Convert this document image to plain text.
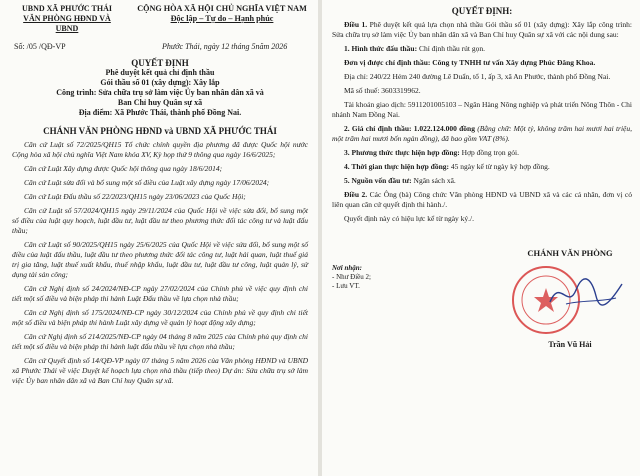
UBND XÃ PHƯỚC THÁI
VĂN PHÒNG HĐND VÀ UBND
Số: /05 /QĐ-VP
CỘNG HÒA XÃ HỘI CHỦ NGHĨA VIỆT NAM
Độc lập – Tự do – Hạnh phúc
Phước Thái, ngày 12 tháng 5năm 2026
QUYẾT ĐỊNH
Phê duyệt kết quả chỉ định thầu
Gói thầu số 01 (xây dựng): Xây lắp
Công trình: Sửa chữa trụ sở làm việc Ủy ban nhân dân xã và
Ban Chỉ huy Quân sự xã
Địa điểm: Xã Phước Thái, thành phố Đồng Nai.
CHÁNH VĂN PHÒNG HĐND và UBND XÃ PHƯỚC THÁI

Căn cứ Luật số 72/2025/QH15 Tổ chức chính quyền địa phương đã được Quốc hội nước Cộng hòa xã hội chủ nghĩa Việt Nam khóa XV, Kỳ họp thứ 9 thông qua ngày 16/6/2025;

Căn cứ Luật Xây dựng được Quốc hội thông qua ngày 18/6/2014;

Căn cứ Luật sửa đổi và bổ sung một số điều của Luật xây dựng ngày 17/06/2024;

Căn cứ Luật Đấu thầu số 22/2023/QH15 ngày 23/06/2023 của Quốc Hội;

Căn cứ Luật số 57/2024/QH15 ngày 29/11/2024 của Quốc Hội về việc sửa đổi, bổ sung một số điều của luật quy hoạch, luật đầu tư, luật đầu tư theo phương thức đối tác công tư và luật đấu thầu;

Căn cứ Luật số 90/2025/QH15 ngày 25/6/2025 của Quốc Hội về việc sửa đổi, bổ sung một số điều của luật đấu thầu, luật đầu tư theo phương thức đối tác công tư, luật hải quan, luật thuế giá trị gia tăng, luật thuế xuất khẩu, thuế nhập khẩu, luật đầu tư, luật đầu tư công, luật quản lý, sử dụng tài sản công;

Căn cứ Nghị định số 24/2024/NĐ-CP ngày 27/02/2024 của Chính phủ về việc quy định chi tiết một số điều và biện pháp thi hành Luật Đấu thầu về lựa chọn nhà thầu;

Căn cứ Nghị định số 175/2024/NĐ-CP ngày 30/12/2024 của Chính phủ về quy định chi tiết một số điều và biện pháp thi hành Luật xây dựng về quản lý hoạt động xây dựng;

Căn cứ Nghị định số 214/2025/NĐ-CP ngày 04 tháng 8 năm 2025 của Chính phủ quy định chi tiết một số điều và biện pháp thi hành luật đấu thầu về lựa chọn nhà thầu;

Căn cứ Quyết định số 14/QĐ-VP ngày 07 tháng 5 năm 2026 của Văn phòng HĐND và UBND xã Phước Thái về việc Duyệt kế hoạch lựa chọn nhà thầu (tiếp theo) Dự án: Sửa chữa trụ sở làm việc Ủy ban nhân dân xã và Ban Chỉ huy Quân sự xã.

QUYẾT ĐỊNH:

Điều 1. Phê duyệt kết quả lựa chọn nhà thầu Gói thầu số 01 (xây dựng): Xây lắp công trình: Sửa chữa trụ sở làm việc Ủy ban nhân dân xã và Ban Chỉ huy Quân sự xã với các nội dung sau:

1. Hình thức đấu thầu: Chỉ định thầu rút gọn.

Đơn vị được chỉ định thầu: Công ty TNHH tư vấn Xây dựng Phúc Đăng Khoa.

Địa chỉ: 240/22 Hẻm 240 đường Lê Duẩn, tổ 1, ấp 3, xã An Phước, thành phố Đồng Nai.

Mã số thuế: 3603319962.

Tài khoản giao dịch: 5911201005103 – Ngân Hàng Nông nghiệp và phát triển Nông Thôn - Chi nhánh Nam Đồng Nai.

2. Giá chỉ định thầu: 1.022.124.000 đồng (Bằng chữ: Một tỷ, không trăm hai mươi hai triệu, một trăm hai mươi bốn ngàn đồng), đã bao gồm VAT (8%).

3. Phương thức thực hiện hợp đồng: Hợp đồng trọn gói.

4. Thời gian thực hiện hợp đồng: 45 ngày kể từ ngày ký hợp đồng.

5. Nguồn vốn đầu tư: Ngân sách xã.

Điều 2. Các Ông (bà) Công chức Văn phòng HĐND và UBND xã và các cá nhân, đơn vị có liên quan căn cứ quyết định thi hành./.

Quyết định này có hiệu lực kể từ ngày ký./.

Nơi nhận:
- Như Điều 2;
- Lưu VT.
CHÁNH VĂN PHÒNG
Trần Vũ Hải
